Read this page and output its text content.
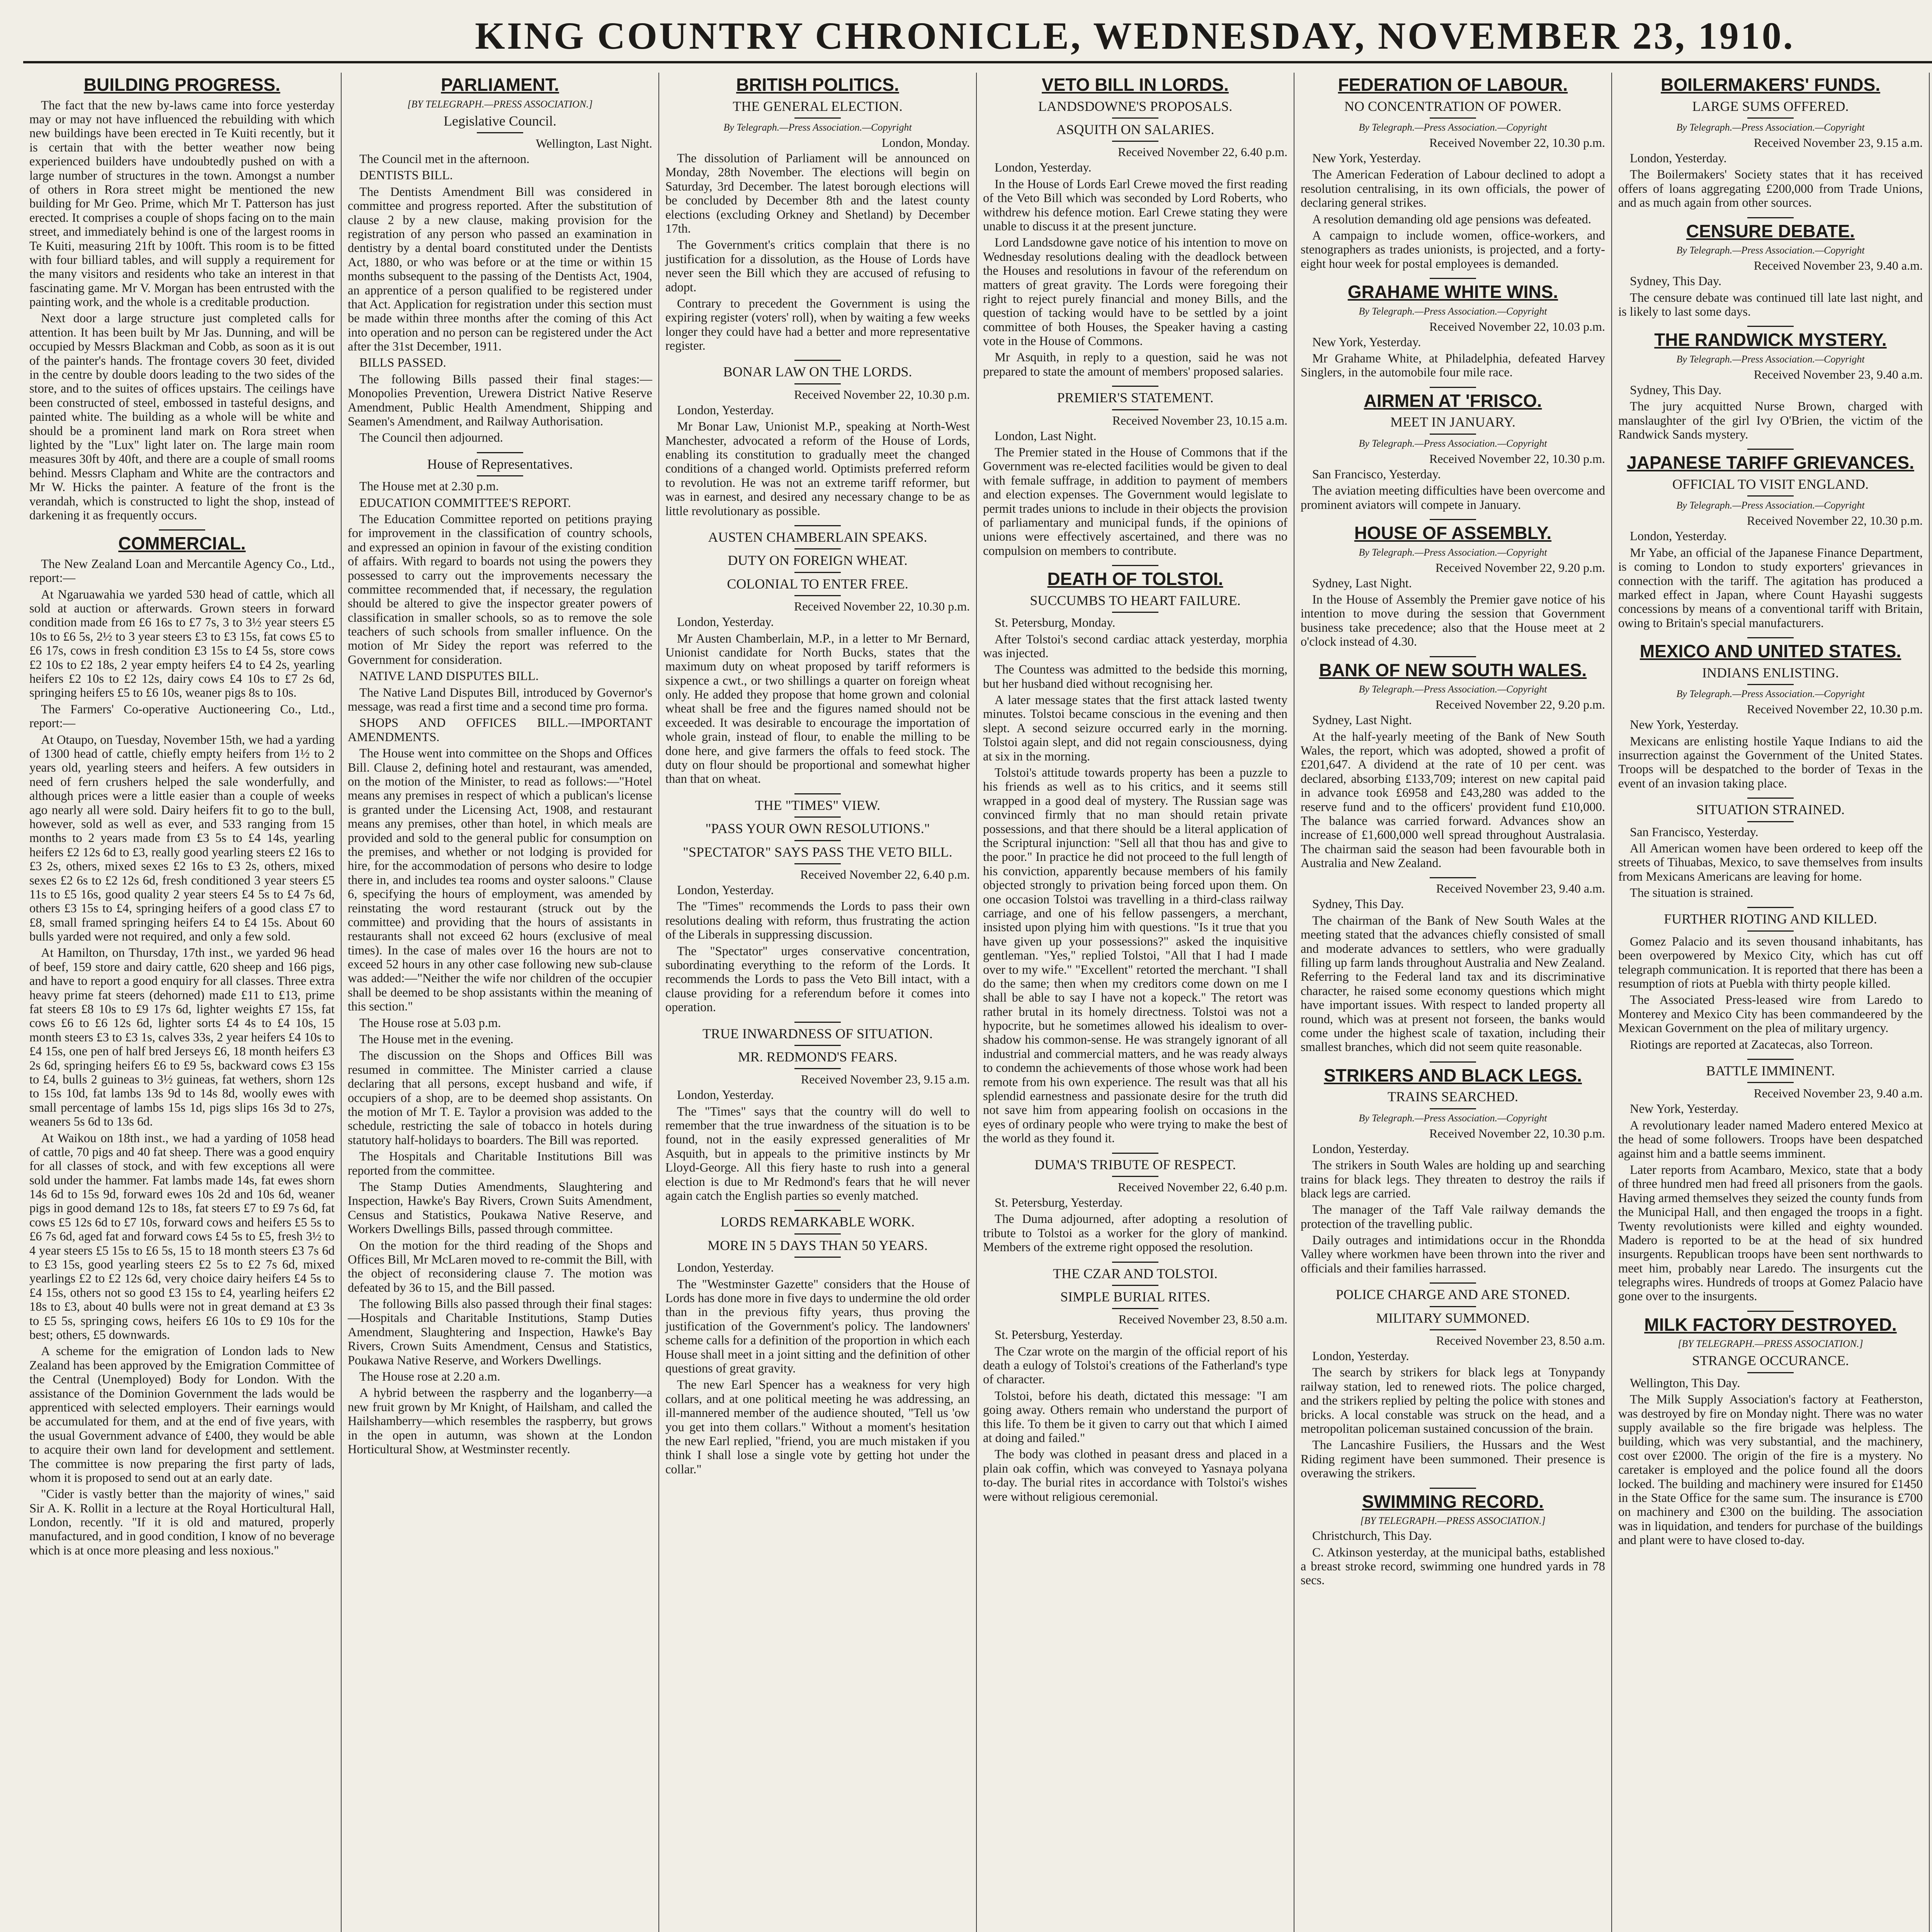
KING COUNTRY CHRONICLE, WEDNESDAY, NOVEMBER 23, 1910.
BUILDING PROGRESS.

The fact that the new by-laws came into force yesterday may or may not have influenced the rebuilding with which new buildings have been erected in Te Kuiti recently, but it is certain that with the better weather now being experienced builders have undoubtedly pushed on with a large number of structures in the town. Amongst a number of others in Rora street might be mentioned the new building for Mr Geo. Prime, which Mr T. Patterson has just erected. It comprises a couple of shops facing on to the main street, and immediately behind is one of the largest rooms in Te Kuiti, measuring 21ft by 100ft. This room is to be fitted with four billiard tables, and will supply a requirement for the many visitors and residents who take an interest in that fascinating game. Mr V. Morgan has been entrusted with the painting work, and the whole is a creditable production.

Next door a large structure just completed calls for attention. It has been built by Mr Jas. Dunning, and will be occupied by Messrs Blackman and Cobb, as soon as it is out of the painter's hands. The frontage covers 30 feet, divided in the centre by double doors leading to the two sides of the store, and to the suites of offices upstairs. The ceilings have been constructed of steel, embossed in tasteful designs, and painted white. The building as a whole will be white and should be a prominent land mark on Rora street when lighted by the "Lux" light later on. The large main room measures 30ft by 40ft, and there are a couple of small rooms behind. Messrs Clapham and White are the contractors and Mr W. Hicks the painter. A feature of the front is the verandah, which is constructed to light the shop, instead of darkening it as frequently occurs.

COMMERCIAL.

The New Zealand Loan and Mercantile Agency Co., Ltd., report:—

At Ngaruawahia we yarded 530 head of cattle, which all sold at auction or afterwards. Grown steers in forward condition made from £6 16s to £7 7s, 3 to 3½ year steers £5 10s to £6 5s, 2½ to 3 year steers £3 to £3 15s, fat cows £5 to £6 17s, cows in fresh condition £3 15s to £4 5s, store cows £2 10s to £2 18s, 2 year empty heifers £4 to £4 2s, yearling heifers £2 10s to £2 12s, dairy cows £4 10s to £7 2s 6d, springing heifers £5 to £6 10s, weaner pigs 8s to 10s.

The Farmers' Co-operative Auctioneering Co., Ltd., report:—

At Otaupo, on Tuesday, November 15th, we had a yarding of 1300 head of cattle, chiefly empty heifers from 1½ to 2 years old, yearling steers and heifers. A few outsiders in need of fern crushers helped the sale wonderfully, and although prices were a little easier than a couple of weeks ago nearly all were sold. Dairy heifers fit to go to the bull, however, sold as well as ever, and 533 ranging from 15 months to 2 years made from £3 5s to £4 14s, yearling heifers £2 12s 6d to £3, really good yearling steers £2 16s to £3 2s, others, mixed sexes £2 16s to £3 2s, others, mixed sexes £2 6s to £2 12s 6d, fresh conditioned 3 year steers £5 11s to £5 16s, good quality 2 year steers £4 5s to £4 7s 6d, others £3 15s to £4, springing heifers of a good class £7 to £8, small framed springing heifers £4 to £4 15s. About 60 bulls yarded were not required, and only a few sold.

At Hamilton, on Thursday, 17th inst., we yarded 96 head of beef, 159 store and dairy cattle, 620 sheep and 166 pigs, and have to report a good enquiry for all classes. Three extra heavy prime fat steers (dehorned) made £11 to £13, prime fat steers £8 10s to £9 17s 6d, lighter weights £7 15s, fat cows £6 to £6 12s 6d, lighter sorts £4 4s to £4 10s, 15 month steers £3 to £3 1s, calves 33s, 2 year heifers £4 10s to £4 15s, one pen of half bred Jerseys £6, 18 month heifers £3 2s 6d, springing heifers £6 to £9 5s, backward cows £3 15s to £4, bulls 2 guineas to 3½ guineas, fat wethers, shorn 12s to 15s 10d, fat lambs 13s 9d to 14s 8d, woolly ewes with small percentage of lambs 15s 1d, pigs slips 16s 3d to 27s, weaners 5s 6d to 13s 6d.

At Waikou on 18th inst., we had a yarding of 1058 head of cattle, 70 pigs and 40 fat sheep. There was a good enquiry for all classes of stock, and with few exceptions all were sold under the hammer. Fat lambs made 14s, fat ewes shorn 14s 6d to 15s 9d, forward ewes 10s 2d and 10s 6d, weaner pigs in good demand 12s to 18s, fat steers £7 to £9 7s 6d, fat cows £5 12s 6d to £7 10s, forward cows and heifers £5 5s to £6 7s 6d, aged fat and forward cows £4 5s to £5, fresh 3½ to 4 year steers £5 15s to £6 5s, 15 to 18 month steers £3 7s 6d to £3 15s, good yearling steers £2 5s to £2 7s 6d, mixed yearlings £2 to £2 12s 6d, very choice dairy heifers £4 5s to £4 15s, others not so good £3 15s to £4, yearling heifers £2 18s to £3, about 40 bulls were not in great demand at £3 3s to £5 5s, springing cows, heifers £6 10s to £9 10s for the best; others, £5 downwards.

A scheme for the emigration of London lads to New Zealand has been approved by the Emigration Committee of the Central (Unemployed) Body for London. With the assistance of the Dominion Government the lads would be apprenticed with selected employers. Their earnings would be accumulated for them, and at the end of five years, with the usual Government advance of £400, they would be able to acquire their own land for development and settlement. The committee is now preparing the first party of lads, whom it is proposed to send out at an early date.

"Cider is vastly better than the majority of wines," said Sir A. K. Rollit in a lecture at the Royal Horticultural Hall, London, recently. "If it is old and matured, properly manufactured, and in good condition, I know of no beverage which is at once more pleasing and less noxious."

PARLIAMENT.
[BY TELEGRAPH.—PRESS ASSOCIATION.]
Legislative Council.
Wellington, Last Night.

The Council met in the afternoon.

DENTISTS BILL.

The Dentists Amendment Bill was considered in committee and progress reported. After the substitution of clause 2 by a new clause, making provision for the registration of any person who passed an examination in dentistry by a dental board constituted under the Dentists Act, 1880, or who was before or at the time or within 15 months subsequent to the passing of the Dentists Act, 1904, an apprentice of a person qualified to be registered under that Act. Application for registration under this section must be made within three months after the coming of this Act into operation and no person can be registered under the Act after the 31st December, 1911.

BILLS PASSED.

The following Bills passed their final stages:—Monopolies Prevention, Urewera District Native Reserve Amendment, Public Health Amendment, Shipping and Seamen's Amendment, and Railway Authorisation.

The Council then adjourned.

House of Representatives.

The House met at 2.30 p.m.

EDUCATION COMMITTEE'S REPORT.

The Education Committee reported on petitions praying for improvement in the classification of country schools, and expressed an opinion in favour of the existing condition of affairs. With regard to boards not using the powers they possessed to carry out the improvements necessary the committee recommended that, if necessary, the regulation should be altered to give the inspector greater powers of classification in smaller schools, so as to remove the sole teachers of such schools from smaller influence. On the motion of Mr Sidey the report was referred to the Government for consideration.

NATIVE LAND DISPUTES BILL.

The Native Land Disputes Bill, introduced by Governor's message, was read a first time and a second time pro forma.

SHOPS AND OFFICES BILL.—IMPORTANT AMENDMENTS.

The House went into committee on the Shops and Offices Bill. Clause 2, defining hotel and restaurant, was amended, on the motion of the Minister, to read as follows:—"Hotel means any premises in respect of which a publican's license is granted under the Licensing Act, 1908, and restaurant means any premises, other than hotel, in which meals are provided and sold to the general public for consumption on the premises, and whether or not lodging is provided for hire, for the accommodation of persons who desire to lodge there in, and includes tea rooms and oyster saloons." Clause 6, specifying the hours of employment, was amended by reinstating the word restaurant (struck out by the committee) and providing that the hours of assistants in restaurants shall not exceed 62 hours (exclusive of meal times). In the case of males over 16 the hours are not to exceed 52 hours in any other case following new sub-clause was added:—"Neither the wife nor children of the occupier shall be deemed to be shop assistants within the meaning of this section."

The House rose at 5.03 p.m.

The House met in the evening.

The discussion on the Shops and Offices Bill was resumed in committee. The Minister carried a clause declaring that all persons, except husband and wife, if occupiers of a shop, are to be deemed shop assistants. On the motion of Mr T. E. Taylor a provision was added to the schedule, restricting the sale of tobacco in hotels during statutory half-holidays to boarders. The Bill was reported.

The Hospitals and Charitable Institutions Bill was reported from the committee.

The Stamp Duties Amendments, Slaughtering and Inspection, Hawke's Bay Rivers, Crown Suits Amendment, Census and Statistics, Poukawa Native Reserve, and Workers Dwellings Bills, passed through committee.

On the motion for the third reading of the Shops and Offices Bill, Mr McLaren moved to re-commit the Bill, with the object of reconsidering clause 7. The motion was defeated by 36 to 15, and the Bill passed.

The following Bills also passed through their final stages:—Hospitals and Charitable Institutions, Stamp Duties Amendment, Slaughtering and Inspection, Hawke's Bay Rivers, Crown Suits Amendment, Census and Statistics, Poukawa Native Reserve, and Workers Dwellings.

The House rose at 2.20 a.m.

A hybrid between the raspberry and the loganberry—a new fruit grown by Mr Knight, of Hailsham, and called the Hailshamberry—which resembles the raspberry, but grows in the open in autumn, was shown at the London Horticultural Show, at Westminster recently.

BRITISH POLITICS.
THE GENERAL ELECTION.
By Telegraph.—Press Association.—Copyright
London, Monday.

The dissolution of Parliament will be announced on Monday, 28th November. The elections will begin on Saturday, 3rd December. The latest borough elections will be concluded by December 8th and the latest county elections (excluding Orkney and Shetland) by December 17th.

The Government's critics complain that there is no justification for a dissolution, as the House of Lords have never seen the Bill which they are accused of refusing to adopt.

Contrary to precedent the Government is using the expiring register (voters' roll), when by waiting a few weeks longer they could have had a better and more representative register.

BONAR LAW ON THE LORDS.
Received November 22, 10.30 p.m.

London, Yesterday.

Mr Bonar Law, Unionist M.P., speaking at North-West Manchester, advocated a reform of the House of Lords, enabling its constitution to gradually meet the changed conditions of a changed world. Optimists preferred reform to revolution. He was not an extreme tariff reformer, but was in earnest, and desired any necessary change to be as little revolutionary as possible.

AUSTEN CHAMBERLAIN SPEAKS.
DUTY ON FOREIGN WHEAT.
COLONIAL TO ENTER FREE.
Received November 22, 10.30 p.m.

London, Yesterday.

Mr Austen Chamberlain, M.P., in a letter to Mr Bernard, Unionist candidate for North Bucks, states that the maximum duty on wheat proposed by tariff reformers is sixpence a cwt., or two shillings a quarter on foreign wheat only. He added they propose that home grown and colonial wheat shall be free and the figures named should not be exceeded. It was desirable to encourage the importation of whole grain, instead of flour, to enable the milling to be done here, and give farmers the offals to feed stock. The duty on flour should be proportional and somewhat higher than that on wheat.

THE "TIMES" VIEW.
"PASS YOUR OWN RESOLUTIONS."
"SPECTATOR" SAYS PASS THE VETO BILL.
Received November 22, 6.40 p.m.

London, Yesterday.

The "Times" recommends the Lords to pass their own resolutions dealing with reform, thus frustrating the action of the Liberals in suppressing discussion.

The "Spectator" urges conservative concentration, subordinating everything to the reform of the Lords. It recommends the Lords to pass the Veto Bill intact, with a clause providing for a referendum before it comes into operation.

TRUE INWARDNESS OF SITUATION.
MR. REDMOND'S FEARS.
Received November 23, 9.15 a.m.

London, Yesterday.

The "Times" says that the country will do well to remember that the true inwardness of the situation is to be found, not in the easily expressed generalities of Mr Asquith, but in appeals to the primitive instincts by Mr Lloyd-George. All this fiery haste to rush into a general election is due to Mr Redmond's fears that he will never again catch the English parties so evenly matched.

LORDS REMARKABLE WORK.
MORE IN 5 DAYS THAN 50 YEARS.

London, Yesterday.

The "Westminster Gazette" considers that the House of Lords has done more in five days to undermine the old order than in the previous fifty years, thus proving the justification of the Government's policy. The landowners' scheme calls for a definition of the proportion in which each House shall meet in a joint sitting and the definition of other questions of great gravity.

The new Earl Spencer has a weakness for very high collars, and at one political meeting he was addressing, an ill-mannered member of the audience shouted, "Tell us 'ow you get into them collars." Without a moment's hesitation the new Earl replied, "friend, you are much mistaken if you think I shall lose a single vote by getting hot under the collar."

VETO BILL IN LORDS.
LANDSDOWNE'S PROPOSALS.
ASQUITH ON SALARIES.
Received November 22, 6.40 p.m.

London, Yesterday.

In the House of Lords Earl Crewe moved the first reading of the Veto Bill which was seconded by Lord Roberts, who withdrew his defence motion. Earl Crewe stating they were unable to discuss it at the present juncture.

Lord Landsdowne gave notice of his intention to move on Wednesday resolutions dealing with the deadlock between the Houses and resolutions in favour of the referendum on matters of great gravity. The Lords were foregoing their right to reject purely financial and money Bills, and the question of tacking would have to be settled by a joint committee of both Houses, the Speaker having a casting vote in the House of Commons.

Mr Asquith, in reply to a question, said he was not prepared to state the amount of members' proposed salaries.

PREMIER'S STATEMENT.
Received November 23, 10.15 a.m.

London, Last Night.

The Premier stated in the House of Commons that if the Government was re-elected facilities would be given to deal with female suffrage, in addition to payment of members and election expenses. The Government would legislate to permit trades unions to include in their objects the provision of parliamentary and municipal funds, if the opinions of unions were effectively ascertained, and there was no compulsion on members to contribute.

DEATH OF TOLSTOI.
SUCCUMBS TO HEART FAILURE.

St. Petersburg, Monday.

After Tolstoi's second cardiac attack yesterday, morphia was injected.

The Countess was admitted to the bedside this morning, but her husband died without recognising her.

A later message states that the first attack lasted twenty minutes. Tolstoi became conscious in the evening and then slept. A second seizure occurred early in the morning. Tolstoi again slept, and did not regain consciousness, dying at six in the morning.

Tolstoi's attitude towards property has been a puzzle to his friends as well as to his critics, and it seems still wrapped in a good deal of mystery. The Russian sage was convinced firmly that no man should retain private possessions, and that there should be a literal application of the Scriptural injunction: "Sell all that thou has and give to the poor." In practice he did not proceed to the full length of his conviction, apparently because members of his family objected strongly to privation being forced upon them. On one occasion Tolstoi was travelling in a third-class railway carriage, and one of his fellow passengers, a merchant, insisted upon plying him with questions. "Is it true that you have given up your possessions?" asked the inquisitive gentleman. "Yes," replied Tolstoi, "All that I had I made over to my wife." "Excellent" retorted the merchant. "I shall do the same; then when my creditors come down on me I shall be able to say I have not a kopeck." The retort was rather brutal in its homely directness. Tolstoi was not a hypocrite, but he sometimes allowed his idealism to over-shadow his common-sense. He was strangely ignorant of all industrial and commercial matters, and he was ready always to condemn the achievements of those whose work had been remote from his own experience. The result was that all his splendid earnestness and passionate desire for the truth did not save him from appearing foolish on occasions in the eyes of ordinary people who were trying to make the best of the world as they found it.

DUMA'S TRIBUTE OF RESPECT.
Received November 22, 6.40 p.m.

St. Petersburg, Yesterday.

The Duma adjourned, after adopting a resolution of tribute to Tolstoi as a worker for the glory of mankind. Members of the extreme right opposed the resolution.

THE CZAR AND TOLSTOI.
SIMPLE BURIAL RITES.
Received November 23, 8.50 a.m.

St. Petersburg, Yesterday.

The Czar wrote on the margin of the official report of his death a eulogy of Tolstoi's creations of the Fatherland's type of character.

Tolstoi, before his death, dictated this message: "I am going away. Others remain who understand the purport of this life. To them be it given to carry out that which I aimed at doing and failed."

The body was clothed in peasant dress and placed in a plain oak coffin, which was conveyed to Yasnaya polyana to-day. The burial rites in accordance with Tolstoi's wishes were without religious ceremonial.

FEDERATION OF LABOUR.
NO CONCENTRATION OF POWER.
By Telegraph.—Press Association.—Copyright
Received November 22, 10.30 p.m.

New York, Yesterday.

The American Federation of Labour declined to adopt a resolution centralising, in its own officials, the power of declaring general strikes.

A resolution demanding old age pensions was defeated.

A campaign to include women, office-workers, and stenographers as trades unionists, is projected, and a forty-eight hour week for postal employees is demanded.

GRAHAME WHITE WINS.
By Telegraph.—Press Association.—Copyright
Received November 22, 10.03 p.m.

New York, Yesterday.

Mr Grahame White, at Philadelphia, defeated Harvey Singlers, in the automobile four mile race.

AIRMEN AT 'FRISCO.
MEET IN JANUARY.
By Telegraph.—Press Association.—Copyright
Received November 22, 10.30 p.m.

San Francisco, Yesterday.

The aviation meeting difficulties have been overcome and prominent aviators will compete in January.

HOUSE OF ASSEMBLY.
By Telegraph.—Press Association.—Copyright
Received November 22, 9.20 p.m.

Sydney, Last Night.

In the House of Assembly the Premier gave notice of his intention to move during the session that Government business take precedence; also that the House meet at 2 o'clock instead of 4.30.

BANK OF NEW SOUTH WALES.
By Telegraph.—Press Association.—Copyright
Received November 22, 9.20 p.m.

Sydney, Last Night.

At the half-yearly meeting of the Bank of New South Wales, the report, which was adopted, showed a profit of £201,647. A dividend at the rate of 10 per cent. was declared, absorbing £133,709; interest on new capital paid in advance took £6958 and £43,280 was added to the reserve fund and to the officers' provident fund £10,000. The balance was carried forward. Advances show an increase of £1,600,000 well spread throughout Australasia. The chairman said the season had been favourable both in Australia and New Zealand.

Received November 23, 9.40 a.m.

Sydney, This Day.

The chairman of the Bank of New South Wales at the meeting stated that the advances chiefly consisted of small and moderate advances to settlers, who were gradually filling up farm lands throughout Australia and New Zealand. Referring to the Federal land tax and its discriminative character, he raised some economy questions which might have important issues. With respect to landed property all round, which was at present not forseen, the banks would come under the highest scale of taxation, including their smallest branches, which did not seem quite reasonable.

STRIKERS AND BLACK LEGS.
TRAINS SEARCHED.
By Telegraph.—Press Association.—Copyright
Received November 22, 10.30 p.m.

London, Yesterday.

The strikers in South Wales are holding up and searching trains for black legs. They threaten to destroy the rails if black legs are carried.

The manager of the Taff Vale railway demands the protection of the travelling public.

Daily outrages and intimidations occur in the Rhondda Valley where workmen have been thrown into the river and officials and their families harrassed.

POLICE CHARGE AND ARE STONED.
MILITARY SUMMONED.
Received November 23, 8.50 a.m.

London, Yesterday.

The search by strikers for black legs at Tonypandy railway station, led to renewed riots. The police charged, and the strikers replied by pelting the police with stones and bricks. A local constable was struck on the head, and a metropolitan policeman sustained concussion of the brain.

The Lancashire Fusiliers, the Hussars and the West Riding regiment have been summoned. Their presence is overawing the strikers.

SWIMMING RECORD.
[BY TELEGRAPH.—PRESS ASSOCIATION.]

Christchurch, This Day.

C. Atkinson yesterday, at the municipal baths, established a breast stroke record, swimming one hundred yards in 78 secs.

BOILERMAKERS' FUNDS.
LARGE SUMS OFFERED.
By Telegraph.—Press Association.—Copyright
Received November 23, 9.15 a.m.

London, Yesterday.

The Boilermakers' Society states that it has received offers of loans aggregating £200,000 from Trade Unions, and as much again from other sources.

CENSURE DEBATE.
By Telegraph.—Press Association.—Copyright
Received November 23, 9.40 a.m.

Sydney, This Day.

The censure debate was continued till late last night, and is likely to last some days.

THE RANDWICK MYSTERY.
By Telegraph.—Press Association.—Copyright
Received November 23, 9.40 a.m.

Sydney, This Day.

The jury acquitted Nurse Brown, charged with manslaughter of the girl Ivy O'Brien, the victim of the Randwick Sands mystery.

JAPANESE TARIFF GRIEVANCES.
OFFICIAL TO VISIT ENGLAND.
By Telegraph.—Press Association.—Copyright
Received November 22, 10.30 p.m.

London, Yesterday.

Mr Yabe, an official of the Japanese Finance Department, is coming to London to study exporters' grievances in connection with the tariff. The agitation has produced a marked effect in Japan, where Count Hayashi suggests concessions by means of a conventional tariff with Britain, owing to Britain's special manufacturers.

MEXICO AND UNITED STATES.
INDIANS ENLISTING.
By Telegraph.—Press Association.—Copyright
Received November 22, 10.30 p.m.

New York, Yesterday.

Mexicans are enlisting hostile Yaque Indians to aid the insurrection against the Government of the United States. Troops will be despatched to the border of Texas in the event of an invasion taking place.

SITUATION STRAINED.

San Francisco, Yesterday.

All American women have been ordered to keep off the streets of Tihuabas, Mexico, to save themselves from insults from Mexicans Americans are leaving for home.

The situation is strained.

FURTHER RIOTING AND KILLED.

Gomez Palacio and its seven thousand inhabitants, has been overpowered by Mexico City, which has cut off telegraph communication. It is reported that there has been a resumption of riots at Puebla with thirty people killed.

The Associated Press-leased wire from Laredo to Monterey and Mexico City has been commandeered by the Mexican Government on the plea of military urgency.

Riotings are reported at Zacatecas, also Torreon.

BATTLE IMMINENT.
Received November 23, 9.40 a.m.

New York, Yesterday.

A revolutionary leader named Madero entered Mexico at the head of some followers. Troops have been despatched against him and a battle seems imminent.

Later reports from Acambaro, Mexico, state that a body of three hundred men had freed all prisoners from the gaols. Having armed themselves they seized the county funds from the Municipal Hall, and then engaged the troops in a fight. Twenty revolutionists were killed and eighty wounded. Madero is reported to be at the head of six hundred insurgents. Republican troops have been sent northwards to meet him, probably near Laredo. The insurgents cut the telegraphs wires. Hundreds of troops at Gomez Palacio have gone over to the insurgents.

MILK FACTORY DESTROYED.
[BY TELEGRAPH.—PRESS ASSOCIATION.]
STRANGE OCCURANCE.

Wellington, This Day.

The Milk Supply Association's factory at Featherston, was destroyed by fire on Monday night. There was no water supply available so the fire brigade was helpless. The building, which was very substantial, and the machinery, cost over £2000. The origin of the fire is a mystery. No caretaker is employed and the police found all the doors locked. The building and machinery were insured for £1450 in the State Office for the same sum. The insurance is £700 on machinery and £300 on the building. The association was in liquidation, and tenders for purchase of the buildings and plant were to have closed to-day.
